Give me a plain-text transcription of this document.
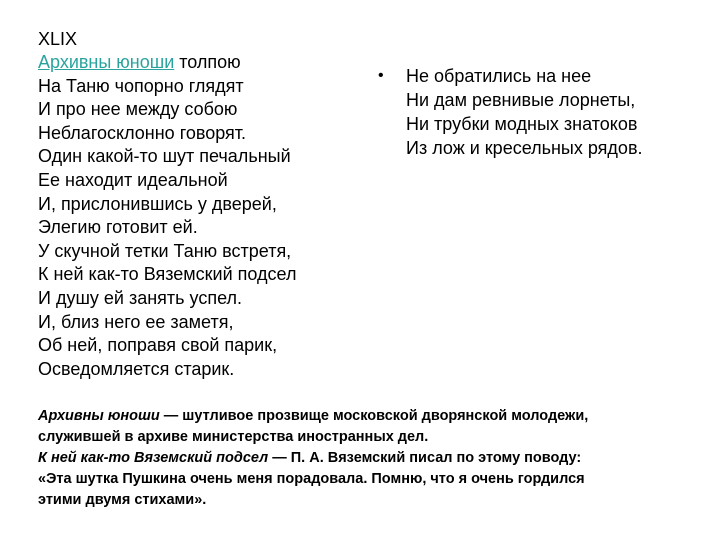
XLIX
Архивны юноши толпою
На Таню чопорно глядят
И про нее между собою
Неблагосклонно говорят.
Один какой-то шут печальный
Ее находит идеальной
И, прислонившись у дверей,
Элегию готовит ей.
У скучной тетки Таню встретя,
К ней как-то Вяземский подсел
И душу ей занять успел.
И, близ него ее заметя,
Об ней, поправя свой парик,
Осведомляется старик.
• Не обратились на нее
Ни дам ревнивые лорнеты,
Ни трубки модных знатоков
Из лож и кресельных рядов.
Архивны юноши — шутливое прозвище московской дворянской молодежи,
служившей в архиве министерства иностранных дел.
К ней как-то Вяземский подсел — П. А. Вяземский писал по этому поводу:
«Эта шутка Пушкина очень меня порадовала. Помню, что я очень гордился
этими двумя стихами».
